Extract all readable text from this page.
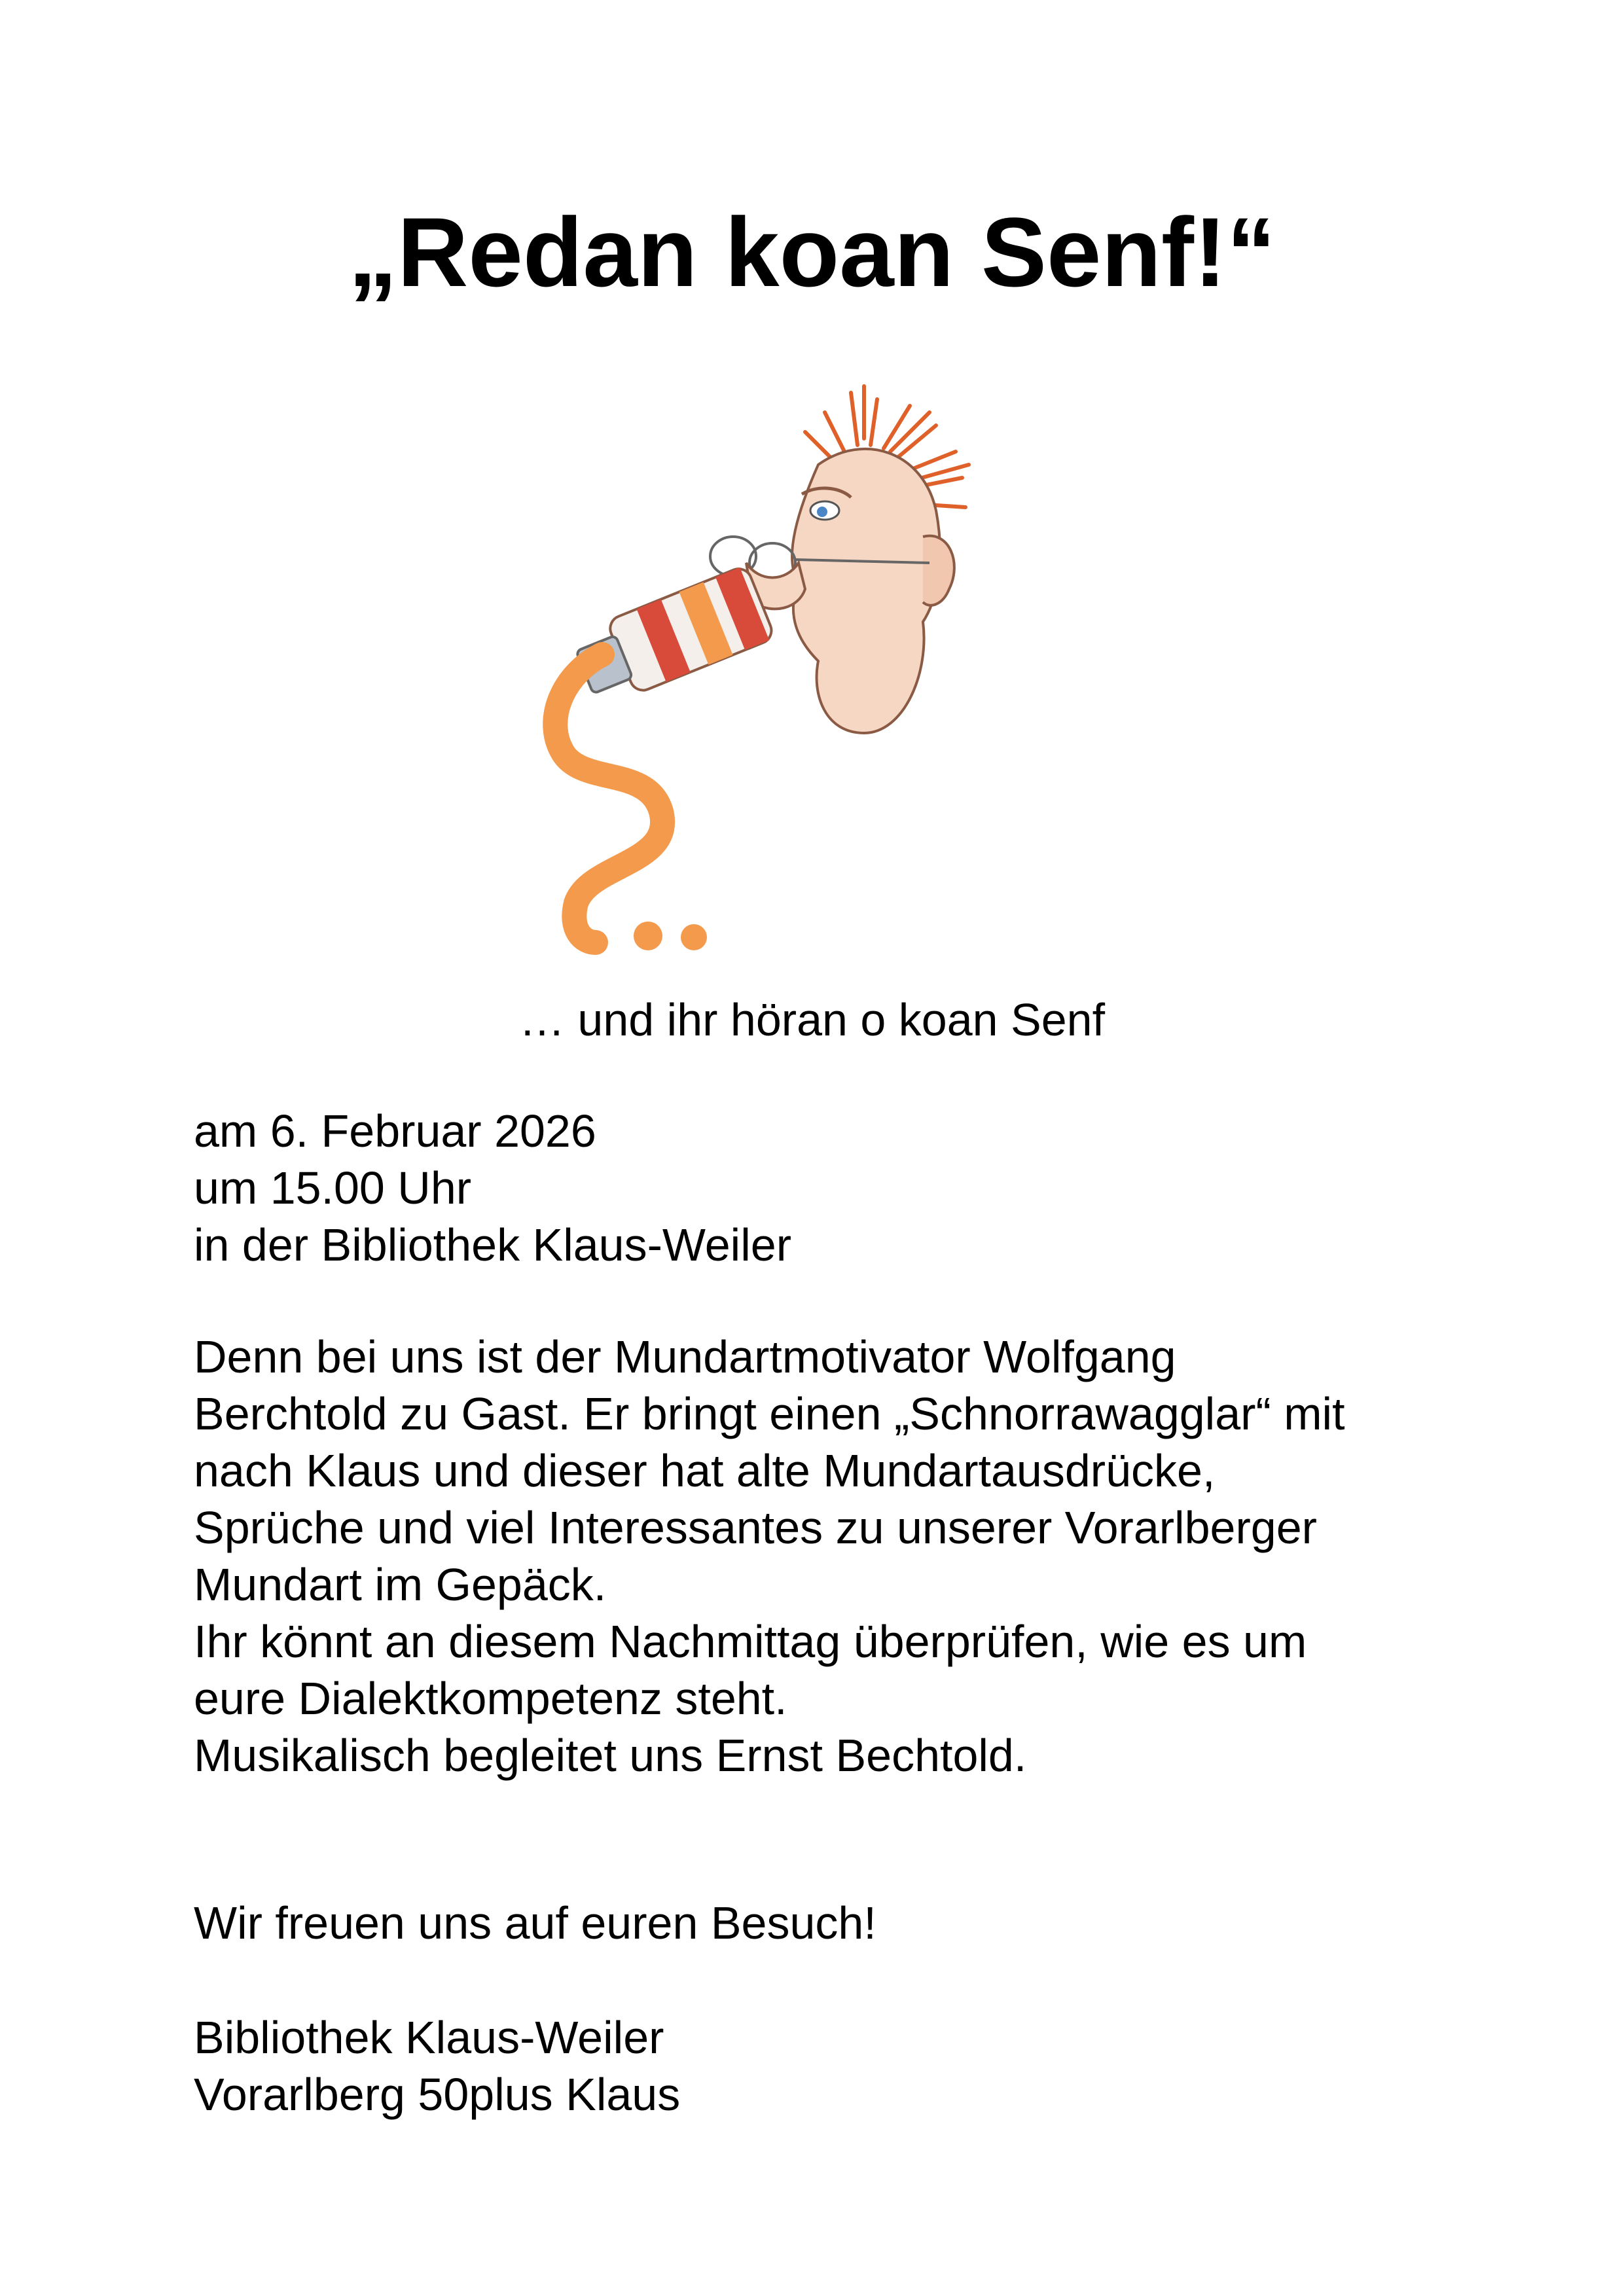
„Redan koan Senf!“

… und ihr höran o koan Senf

am 6. Februar 2026
um 15.00 Uhr
in der Bibliothek Klaus-Weiler

Denn bei uns ist der Mundartmotivator Wolfgang
Berchtold zu Gast. Er bringt einen „Schnorrawagglar“ mit
nach Klaus und dieser hat alte Mundartausdrücke,
Sprüche und viel Interessantes zu unserer Vorarlberger
Mundart im Gepäck.
Ihr könnt an diesem Nachmittag überprüfen, wie es um
eure Dialektkompetenz steht.
Musikalisch begleitet uns Ernst Bechtold.

Wir freuen uns auf euren Besuch!

Bibliothek Klaus-Weiler
Vorarlberg 50plus Klaus
